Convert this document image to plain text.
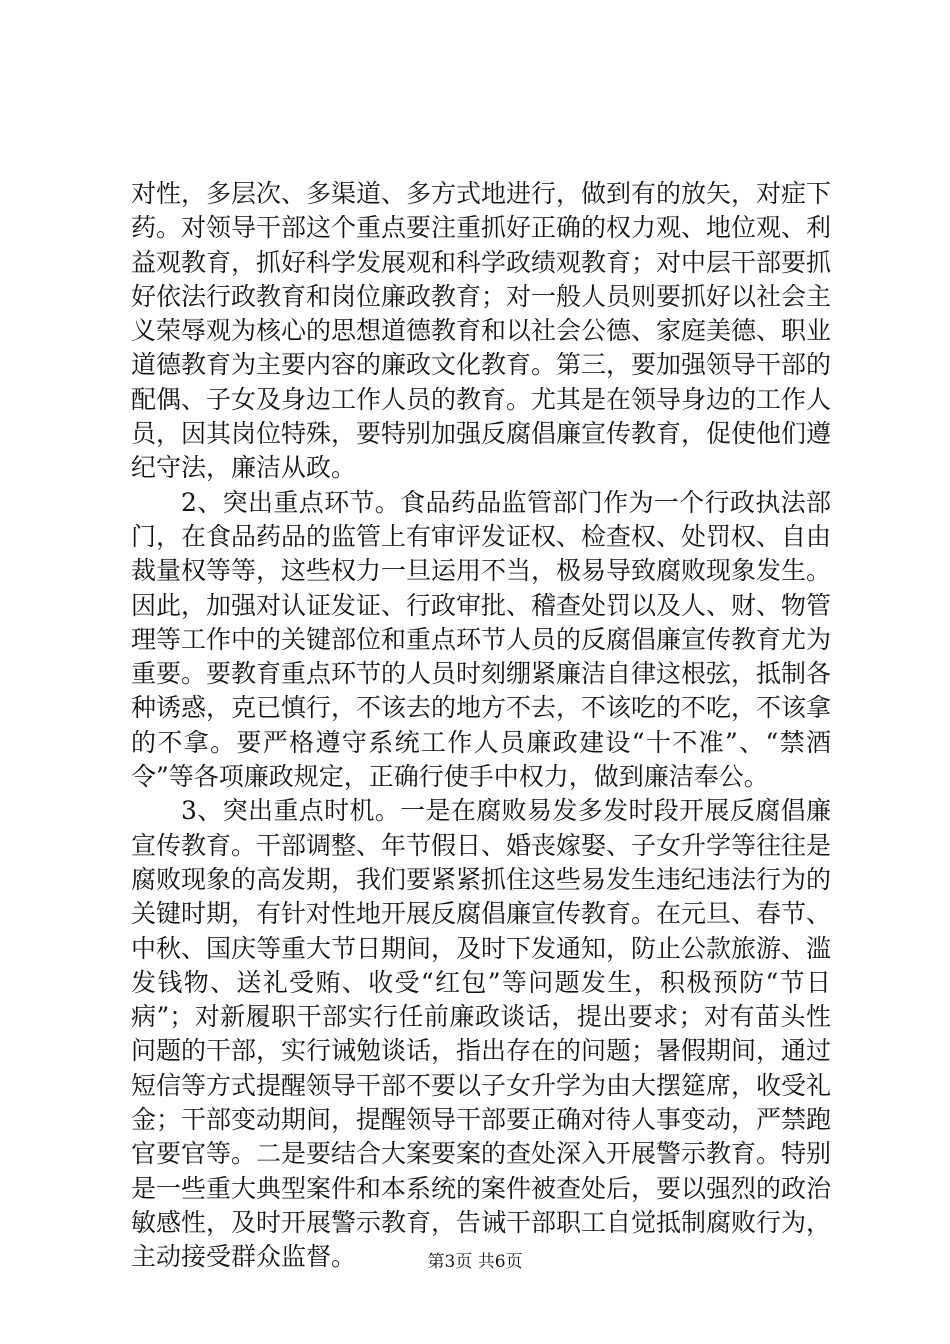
对性，多层次、多渠道、多方式地进行，做到有的放矢，对症下药。对领导干部这个重点要注重抓好正确的权力观、地位观、利益观教育，抓好科学发展观和科学政绩观教育；对中层干部要抓好依法行政教育和岗位廉政教育；对一般人员则要抓好以社会主义荣辱观为核心的思想道德教育和以社会公德、家庭美德、职业道德教育为主要内容的廉政文化教育。第三，要加强领导干部的配偶、子女及身边工作人员的教育。尤其是在领导身边的工作人员，因其岗位特殊，要特别加强反腐倡廉宣传教育，促使他们遵纪守法，廉洁从政。

2、突出重点环节。食品药品监管部门作为一个行政执法部门，在食品药品的监管上有审评发证权、检查权、处罚权、自由裁量权等等，这些权力一旦运用不当，极易导致腐败现象发生。因此，加强对认证发证、行政审批、稽查处罚以及人、财、物管理等工作中的关键部位和重点环节人员的反腐倡廉宣传教育尤为重要。要教育重点环节的人员时刻绷紧廉洁自律这根弦，抵制各种诱惑，克已慎行，不该去的地方不去，不该吃的不吃，不该拿的不拿。要严格遵守系统工作人员廉政建设“十不准”、“禁酒令”等各项廉政规定，正确行使手中权力，做到廉洁奉公。

3、突出重点时机。一是在腐败易发多发时段开展反腐倡廉宣传教育。干部调整、年节假日、婚丧嫁娶、子女升学等往往是腐败现象的高发期，我们要紧紧抓住这些易发生违纪违法行为的关键时期，有针对性地开展反腐倡廉宣传教育。在元旦、春节、中秋、国庆等重大节日期间，及时下发通知，防止公款旅游、滥发钱物、送礼受贿、收受“红包”等问题发生，积极预防“节日病”；对新履职干部实行任前廉政谈话，提出要求；对有苗头性问题的干部，实行诫勉谈话，指出存在的问题；暑假期间，通过短信等方式提醒领导干部不要以子女升学为由大摆筵席，收受礼金；干部变动期间，提醒领导干部要正确对待人事变动，严禁跑官要官等。二是要结合大案要案的查处深入开展警示教育。特别是一些重大典型案件和本系统的案件被查处后，要以强烈的政治敏感性，及时开展警示教育，告诫干部职工自觉抵制腐败行为，主动接受群众监督。	第3页 共6页
